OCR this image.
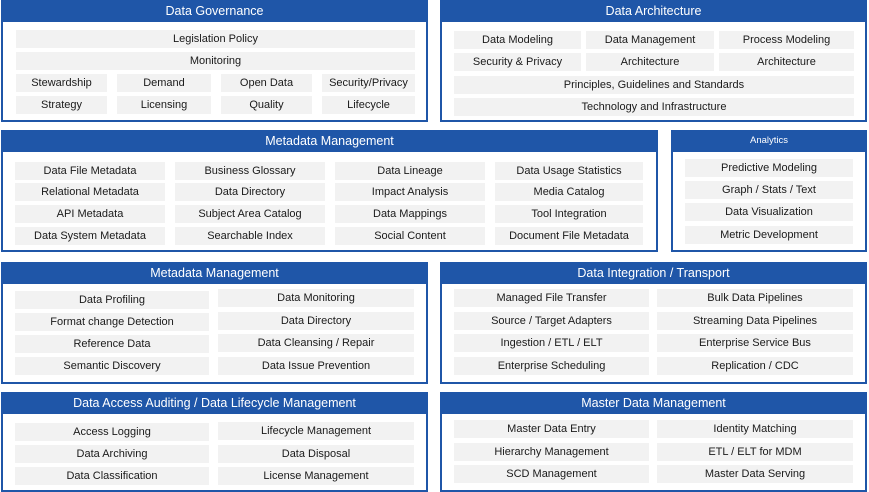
Data Governance
Legislation Policy
Monitoring
Stewardship	Demand	Open Data	Security/Privacy
Strategy	Licensing	Quality	Lifecycle
Data Architecture
Data Modeling	Data Management	Process Modeling
Security & Privacy	Architecture	Architecture
Principles, Guidelines and Standards
Technology and Infrastructure
Metadata Management
Data File Metadata	Business Glossary	Data Lineage	Data Usage Statistics
Relational Metadata	Data Directory	Impact Analysis	Media Catalog
API Metadata	Subject Area Catalog	Data Mappings	Tool Integration
Data System Metadata	Searchable Index	Social Content	Document File Metadata
Analytics
Predictive Modeling
Graph / Stats / Text
Data Visualization
Metric Development
Metadata Management
Data Profiling	Data Monitoring
Format change Detection	Data Directory
Reference Data	Data Cleansing / Repair
Semantic Discovery	Data Issue Prevention
Data Integration / Transport
Managed File Transfer	Bulk Data Pipelines
Source / Target Adapters	Streaming Data Pipelines
Ingestion / ETL / ELT	Enterprise Service Bus
Enterprise Scheduling	Replication / CDC
Data Access Auditing / Data Lifecycle Management
Access Logging	Lifecycle Management
Data Archiving	Data Disposal
Data Classification	License Management
Master Data Management
Master Data Entry	Identity Matching
Hierarchy Management	ETL / ELT for MDM
SCD Management	Master Data Serving
